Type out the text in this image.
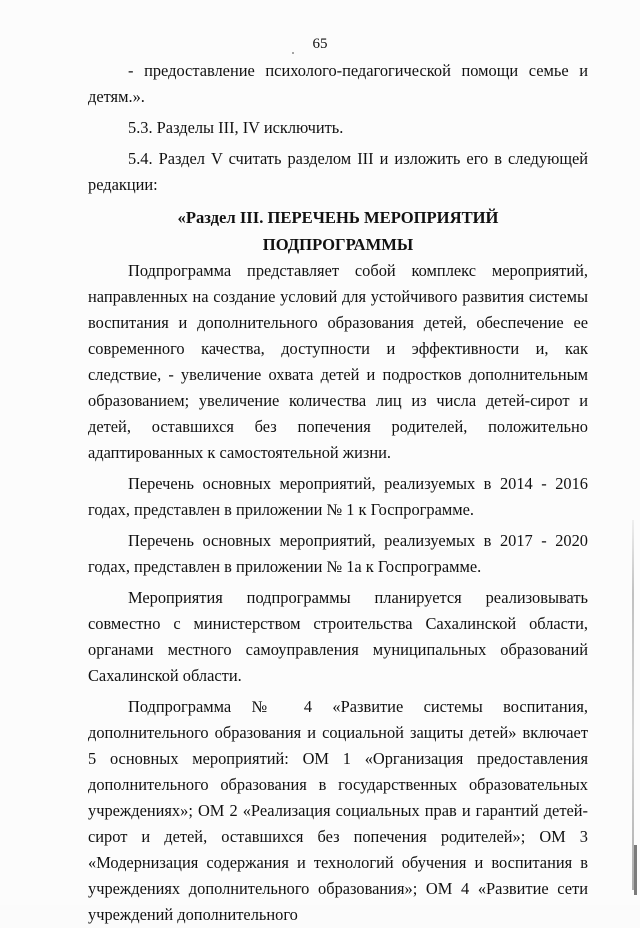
65

- предоставление психолого-педагогической помощи семье и детям.».

5.3. Разделы III, IV исключить.

5.4. Раздел V считать разделом III и изложить его в следующей редакции:

«Раздел III. ПЕРЕЧЕНЬ МЕРОПРИЯТИЙ
ПОДПРОГРАММЫ

Подпрограмма представляет собой комплекс мероприятий, направленных на создание условий для устойчивого развития системы воспитания и дополнительного образования детей, обеспечение ее современного качества, доступности и эффективности и, как следствие, - увеличение охвата детей и подростков дополнительным образованием; увеличение количества лиц из числа детей-сирот и детей, оставшихся без попечения родителей, положительно адаптированных к самостоятельной жизни.

Перечень основных мероприятий, реализуемых в 2014 - 2016 годах, представлен в приложении № 1 к Госпрограмме.

Перечень основных мероприятий, реализуемых в 2017 - 2020 годах, представлен в приложении № 1а к Госпрограмме.

Мероприятия подпрограммы планируется реализовывать совместно с министерством строительства Сахалинской области, органами местного самоуправления муниципальных образований Сахалинской области.

Подпрограмма № 4 «Развитие системы воспитания, дополнительного образования и социальной защиты детей» включает 5 основных мероприятий: ОМ 1 «Организация предоставления дополнительного образования в государственных образовательных учреждениях»; ОМ 2 «Реализация социальных прав и гарантий детей-сирот и детей, оставшихся без попечения родителей»; ОМ 3 «Модернизация содержания и технологий обучения и воспитания в учреждениях дополнительного образования»; ОМ 4 «Развитие сети учреждений дополнительного
